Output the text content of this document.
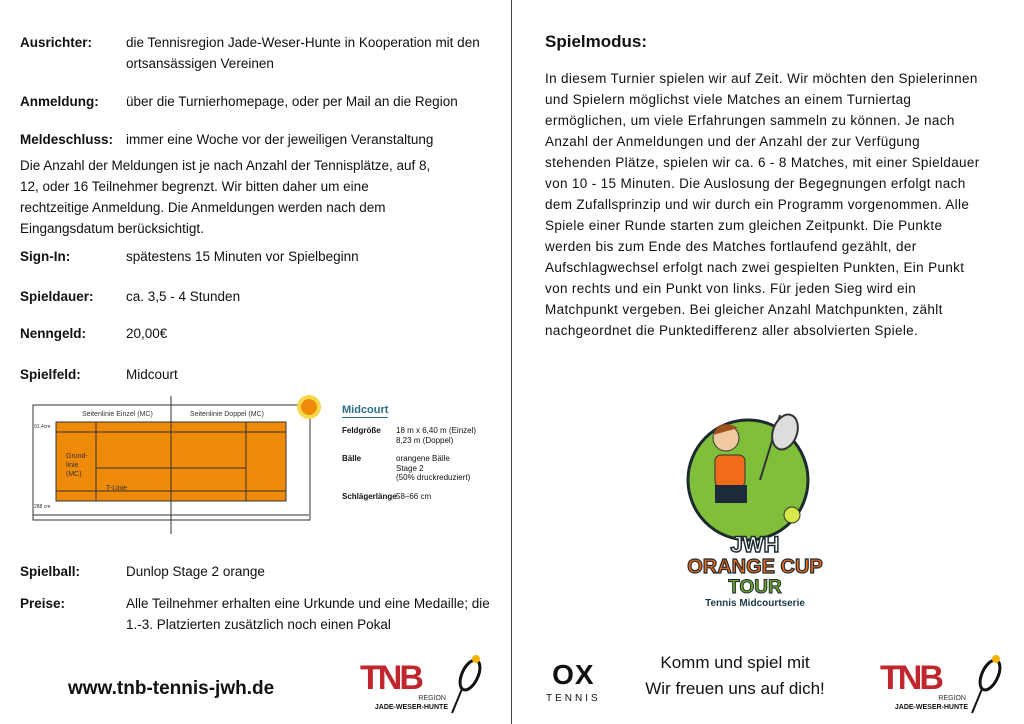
Ausrichter:	die Tennisregion Jade-Weser-Hunte in Kooperation mit den ortsansässigen Vereinen
Anmeldung:	über die Turnierhomepage, oder per Mail an die Region
Meldeschluss: immer eine Woche vor der jeweiligen Veranstaltung
Die Anzahl der Meldungen ist je nach Anzahl der Tennisplätze, auf 8, 12, oder 16 Teilnehmer begrenzt. Wir bitten daher um eine rechtzeitige Anmeldung. Die Anmeldungen werden nach dem Eingangsdatum berücksichtigt.
Sign-In:	spätestens 15 Minuten vor Spielbeginn
Spieldauer:	ca. 3,5 - 4 Stunden
Nenngeld:	20,00€
Spielfeld:	Midcourt
Seitenlinie Einzel (MC)	Seitenlinie Doppel (MC)
91,4cm
288 cm
Grund-
linie
(MC)
T-Linie
Midcourt
Feldgröße	18 m x 6,40 m (Einzel)
8,23 m (Doppel)
Bälle	orangene Bälle
Stage 2
(50% druckreduziert)
Schlägerlänge 58–66 cm
Spielball:	Dunlop Stage 2 orange
Preise:	Alle Teilnehmer erhalten eine Urkunde und eine Medaille; die 1.-3. Platzierten zusätzlich noch einen Pokal
www.tnb-tennis-jwh.de
Spielmodus:
In diesem Turnier spielen wir auf Zeit. Wir möchten den Spielerinnen und Spielern möglichst viele Matches an einem Turniertag ermöglichen, um viele Erfahrungen sammeln zu können. Je nach Anzahl der Anmeldungen und der Anzahl der zur Verfügung stehenden Plätze, spielen wir ca. 6 - 8 Matches, mit einer Spieldauer von 10 - 15 Minuten. Die Auslosung der Begegnungen erfolgt nach dem Zufallsprinzip und wir durch ein Programm vorgenommen. Alle Spiele einer Runde starten zum gleichen Zeitpunkt. Die Punkte werden bis zum Ende des Matches fortlaufend gezählt, der Aufschlagwechsel erfolgt nach zwei gespielten Punkten, Ein Punkt von rechts und ein Punkt von links. Für jeden Sieg wird ein Matchpunkt vergeben. Bei gleicher Anzahl Matchpunkten, zählt nachgeordnet die Punktedifferenz aller absolvierten Spiele.
JWH
ORANGE CUP
TOUR
Tennis Midcourtserie
OX
TENNIS
Komm und spiel mit
Wir freuen uns auf dich!
TNB
REGION
JADE-WESER-HUNTE
TNB
REGION
JADE-WESER-HUNTE
